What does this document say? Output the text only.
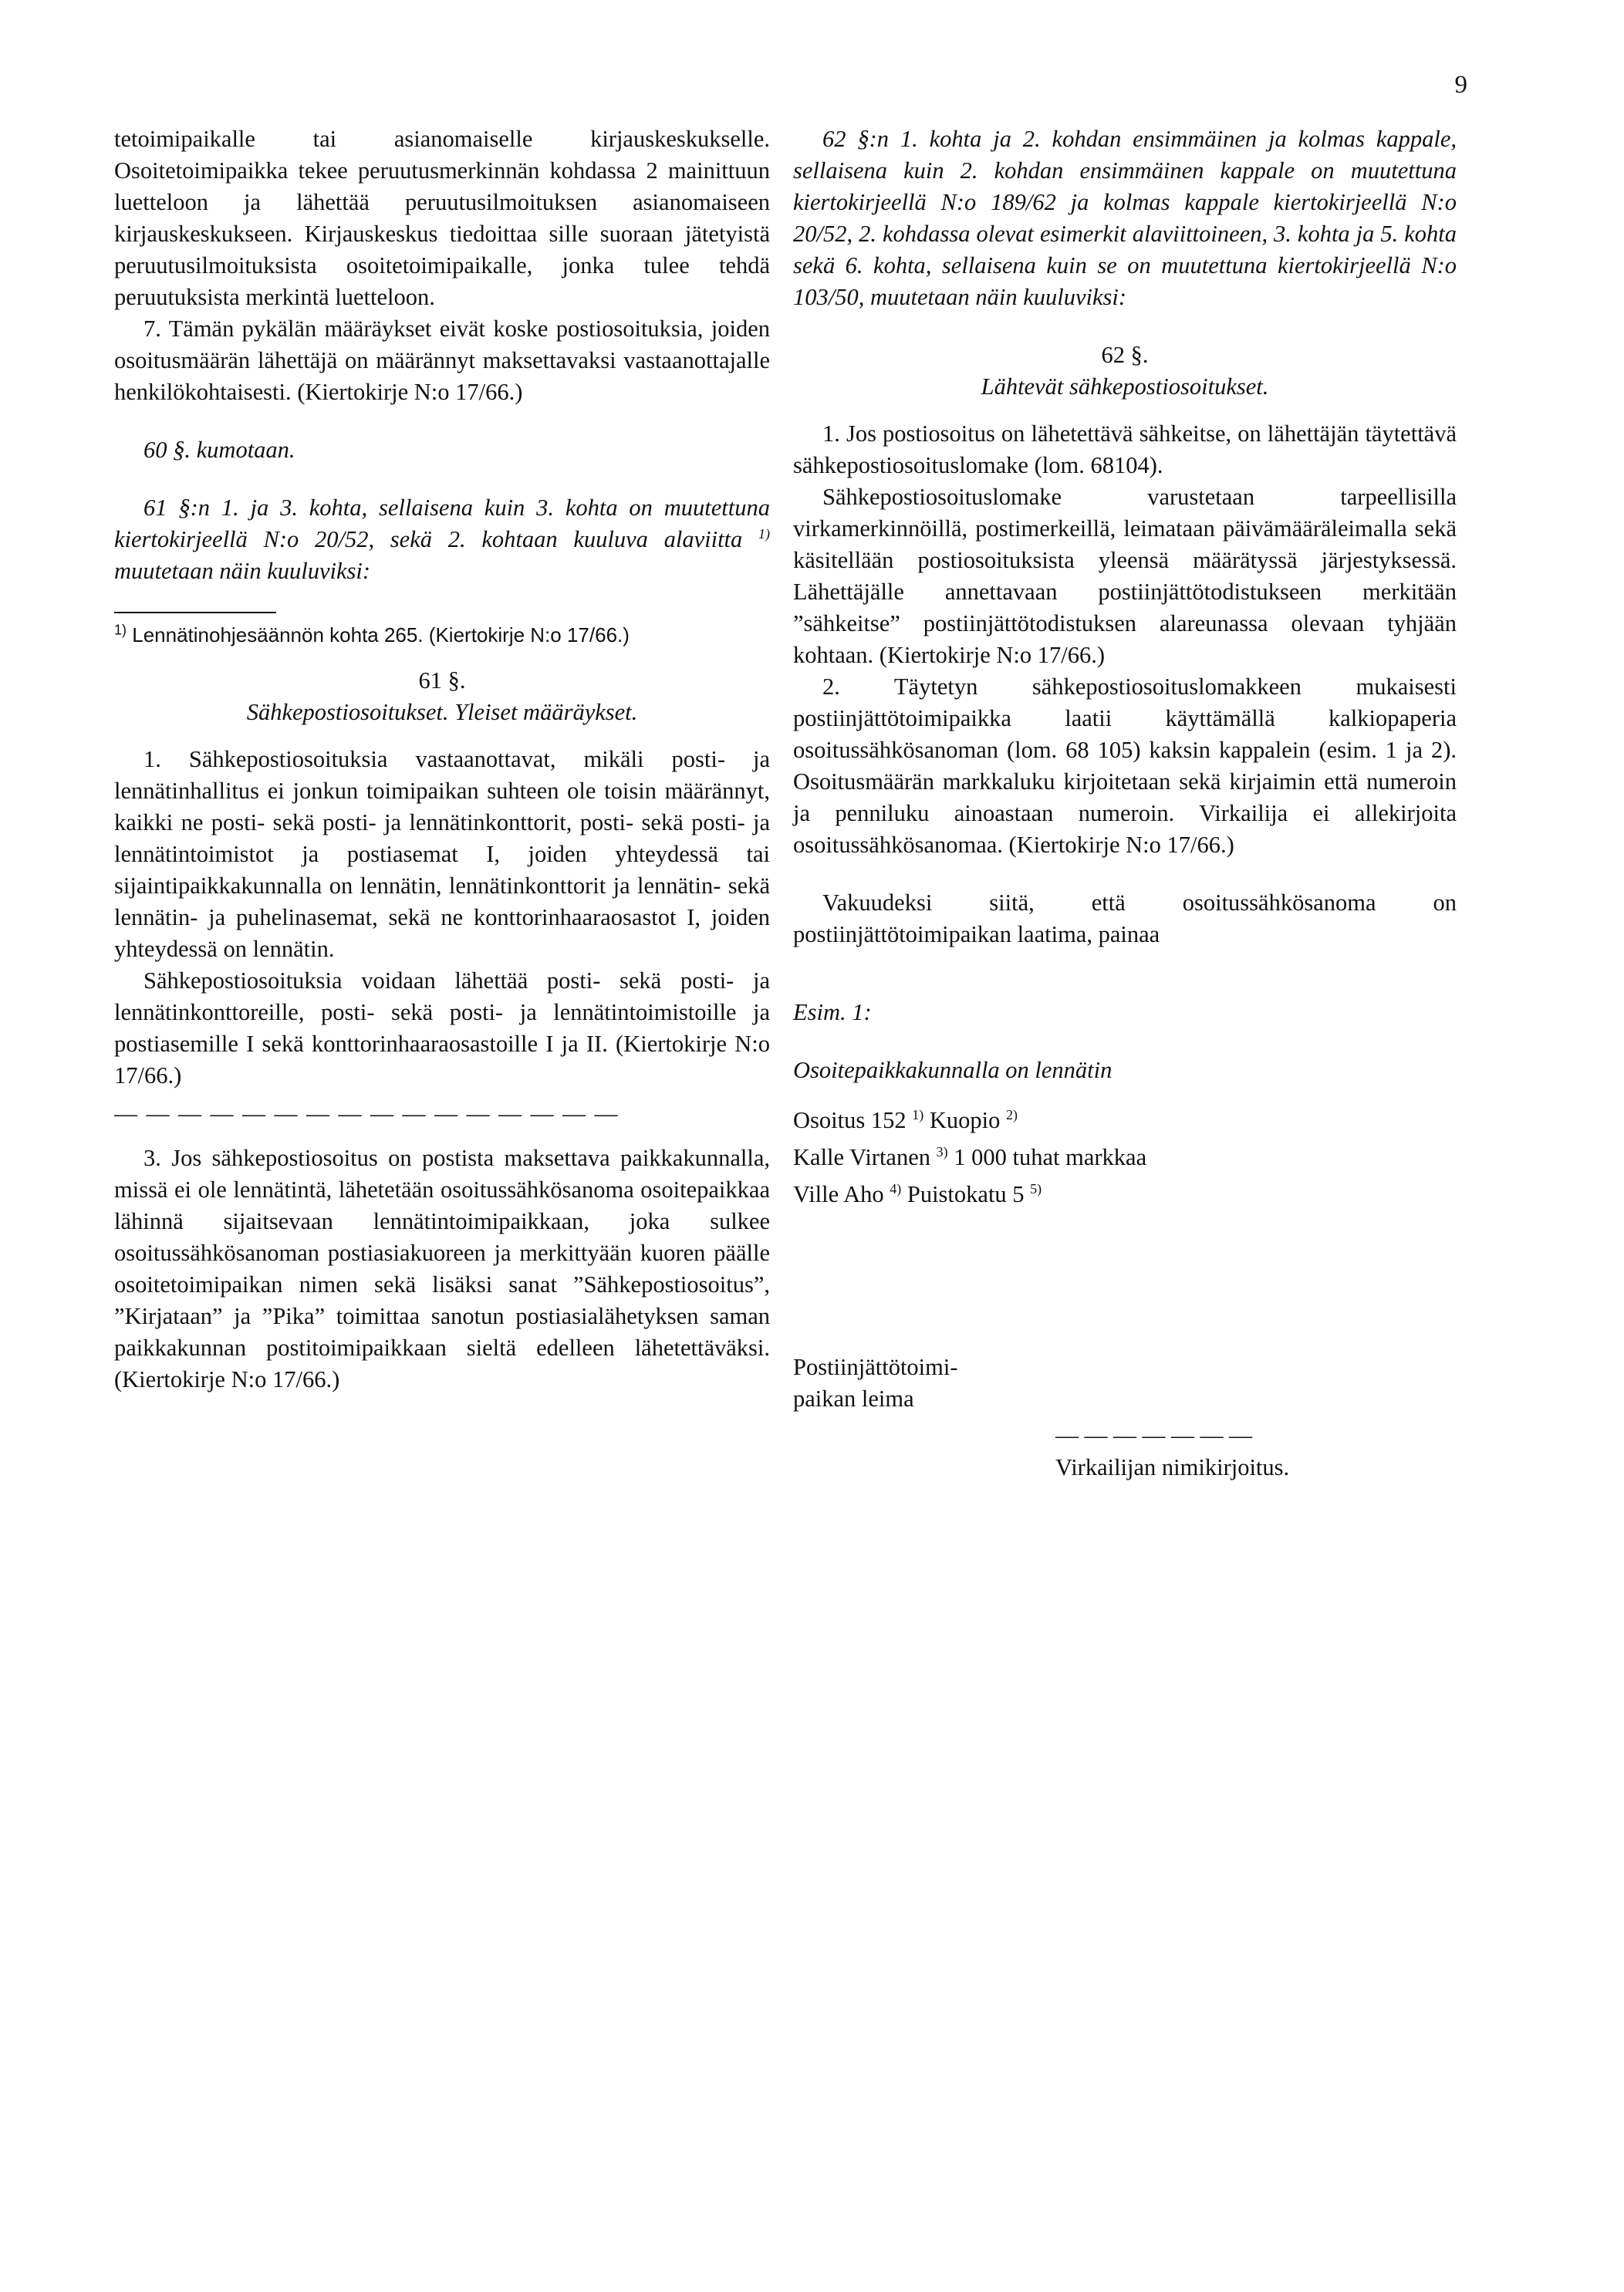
9

tetoimipaikalle tai asianomaiselle kirjauskeskukselle. Osoitetoimipaikka tekee peruutusmerkinnän kohdassa 2 mainittuun luetteloon ja lähettää peruutusilmoituksen asianomaiseen kirjauskeskukseen. Kirjauskeskus tiedoittaa sille suoraan jätetyistä peruutusilmoituksista osoitetoimipaikalle, jonka tulee tehdä peruutuksista merkintä luetteloon.

7. Tämän pykälän määräykset eivät koske postiosoituksia, joiden osoitusmäärän lähettäjä on määrännyt maksettavaksi vastaanottajalle henkilökohtaisesti. (Kiertokirje N:o 17/66.)

60 §. kumotaan.

61 §:n 1. ja 3. kohta, sellaisena kuin 3. kohta on muutettuna kiertokirjeellä N:o 20/52, sekä 2. kohtaan kuuluva alaviitta $^{1)}$ muutetaan näin kuuluviksi:

$^{1)}$ Lennätinohjesäännön kohta 265. (Kiertokirje N:o 17/66.)

61 §.

Sähkepostiosoitukset. Yleiset määräykset.

1. Sähkepostiosoituksia vastaanottavat, mikäli posti- ja lennätinhallitus ei jonkun toimipaikan suhteen ole toisin määrännyt, kaikki ne posti- sekä posti- ja lennätinkonttorit, posti- sekä posti- ja lennätintoimistot ja postiasemat I, joiden yhteydessä tai sijaintipaikkakunnalla on lennätin, lennätinkonttorit ja lennätin- sekä lennätin- ja puhelinasemat, sekä ne konttorinhaaraosastot I, joiden yhteydessä on lennätin.

Sähkepostiosoituksia voidaan lähettää posti- sekä posti- ja lennätinkonttoreille, posti- sekä posti- ja lennätintoimistoille ja postiasemille I sekä konttorinhaaraosastoille I ja II. (Kiertokirje N:o 17/66.)

— — — — — — — — — — — — — — — —

3. Jos sähkepostiosoitus on postista maksettava paikkakunnalla, missä ei ole lennätintä, lähetetään osoitussähkösanoma osoitepaikkaa lähinnä sijaitsevaan lennätintoimipaikkaan, joka sulkee osoitussähkösanoman postiasiakuoreen ja merkittyään kuoren päälle osoitetoimipaikan nimen sekä lisäksi sanat ”Sähkepostiosoitus”, ”Kirjataan” ja ”Pika” toimittaa sanotun postiasialähetyksen saman paikkakunnan postitoimipaikkaan sieltä edelleen lähetettäväksi. (Kiertokirje N:o 17/66.)

62 §:n 1. kohta ja 2. kohdan ensimmäinen ja kolmas kappale, sellaisena kuin 2. kohdan ensimmäinen kappale on muutettuna kiertokirjeellä N:o 189/62 ja kolmas kappale kiertokirjeellä N:o 20/52, 2. kohdassa olevat esimerkit alaviittoineen, 3. kohta ja 5. kohta sekä 6. kohta, sellaisena kuin se on muutettuna kiertokirjeellä N:o 103/50, muutetaan näin kuuluviksi:

62 §.

Lähtevät sähkepostiosoitukset.

1. Jos postiosoitus on lähetettävä sähkeitse, on lähettäjän täytettävä sähkepostiosoituslomake (lom. 68104).

Sähkepostiosoituslomake varustetaan tarpeellisilla virkamerkinnöillä, postimerkeillä, leimataan päivämääräleimalla sekä käsitellään postiosoituksista yleensä määrätyssä järjestyksessä. Lähettäjälle annettavaan postiinjättötodistukseen merkitään ”sähkeitse” postiinjättötodistuksen alareunassa olevaan tyhjään kohtaan. (Kiertokirje N:o 17/66.)

2. Täytetyn sähkepostiosoituslomakkeen mukaisesti postiinjättötoimipaikka laatii käyttämällä kalkiopaperia osoitussähkösanoman (lom. 68 105) kaksin kappalein (esim. 1 ja 2). Osoitusmäärän markkaluku kirjoitetaan sekä kirjaimin että numeroin ja penniluku ainoastaan numeroin. Virkailija ei allekirjoita osoitussähkösanomaa. (Kiertokirje N:o 17/66.)

Vakuudeksi siitä, että osoitussähkösanoma on postiinjättötoimipaikan laatima, painaa

Esim. 1:

Osoitepaikkakunnalla on lennätin

Osoitus 152 $^{1)}$ Kuopio $^{2)}$
Kalle Virtanen $^{3)}$ 1 000 tuhat markkaa
Ville Aho $^{4)}$ Puistokatu 5 $^{5)}$
Postiinjättötoimi-
paikan leima
— — — — — — —
Virkailijan nimikirjoitus.
